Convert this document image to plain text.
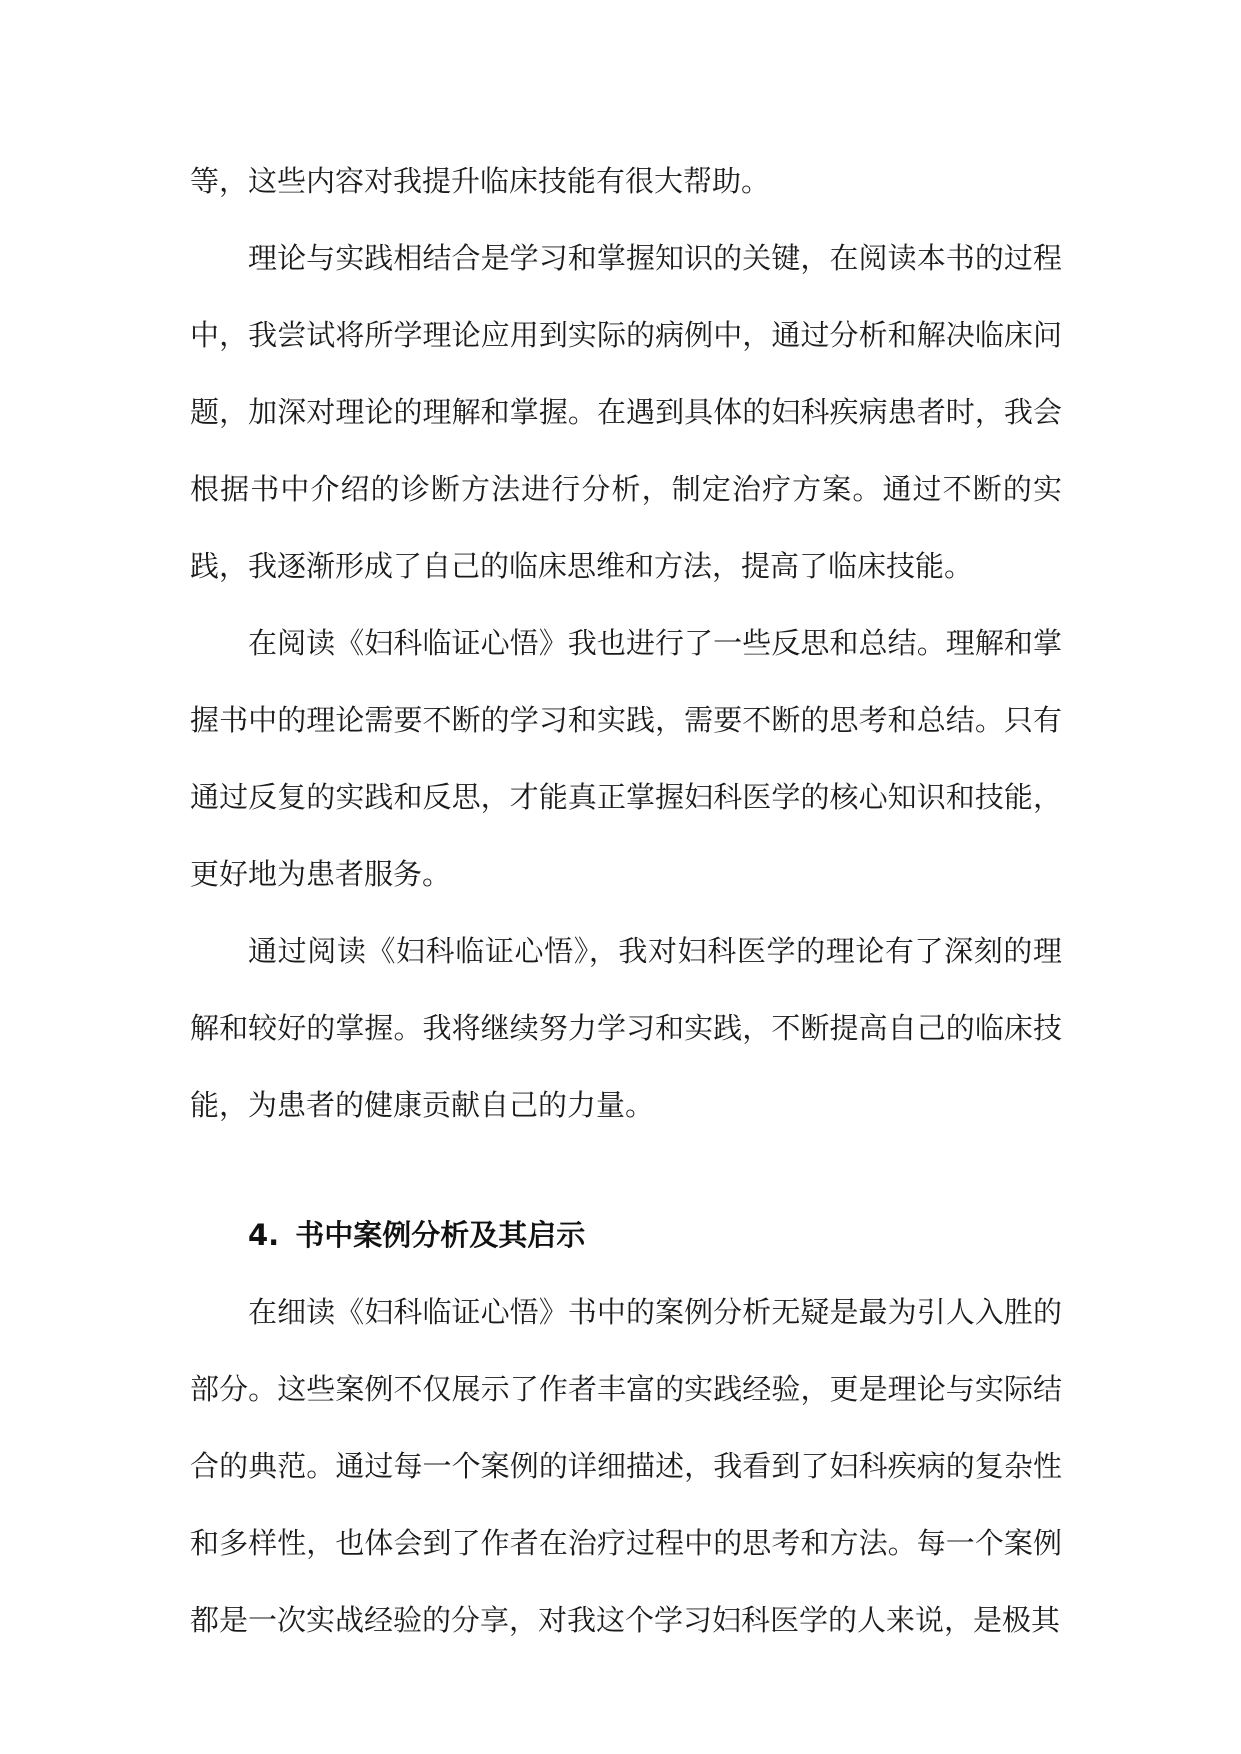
等，这些内容对我提升临床技能有很大帮助。

理论与实践相结合是学习和掌握知识的关键，在阅读本书的过程中，我尝试将所学理论应用到实际的病例中，通过分析和解决临床问题，加深对理论的理解和掌握。在遇到具体的妇科疾病患者时，我会根据书中介绍的诊断方法进行分析，制定治疗方案。通过不断的实践，我逐渐形成了自己的临床思维和方法，提高了临床技能。

在阅读《妇科临证心悟》我也进行了一些反思和总结。理解和掌握书中的理论需要不断的学习和实践，需要不断的思考和总结。只有通过反复的实践和反思，才能真正掌握妇科医学的核心知识和技能，更好地为患者服务。

通过阅读《妇科临证心悟》，我对妇科医学的理论有了深刻的理解和较好的掌握。我将继续努力学习和实践，不断提高自己的临床技能，为患者的健康贡献自己的力量。

4. 书中案例分析及其启示

在细读《妇科临证心悟》书中的案例分析无疑是最为引人入胜的部分。这些案例不仅展示了作者丰富的实践经验，更是理论与实际结合的典范。通过每一个案例的详细描述，我看到了妇科疾病的复杂性和多样性，也体会到了作者在治疗过程中的思考和方法。每一个案例都是一次实战经验的分享，对我这个学习妇科医学的人来说，是极其
